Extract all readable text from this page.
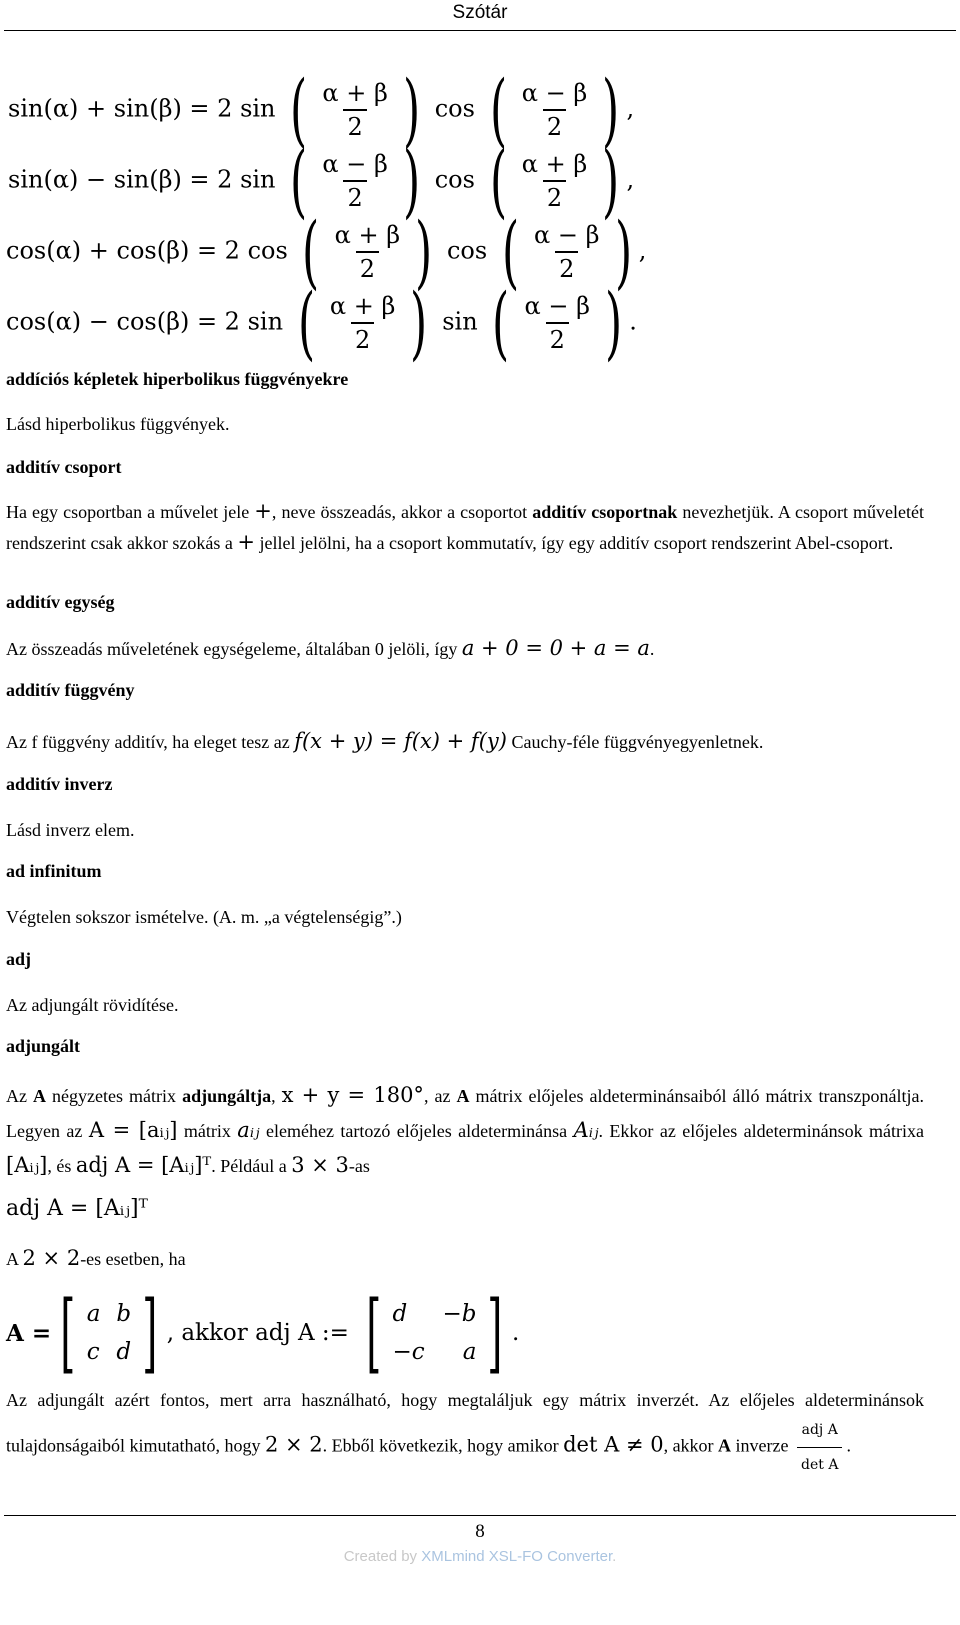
Szótár
sin(α) + sin(β) = 2 sin ( $\frac{\alpha + \beta}{2}$ ) cos ( $\frac{\alpha - \beta}{2}$ ) ,
sin(α) − sin(β) = 2 sin ( $\frac{\alpha - \beta}{2}$ ) cos ( $\frac{\alpha + \beta}{2}$ ) ,
cos(α) + cos(β) = 2 cos ( $\frac{\alpha + \beta}{2}$ ) cos ( $\frac{\alpha - \beta}{2}$ ) ,
cos(α) − cos(β) = 2 sin ( $\frac{\alpha + \beta}{2}$ ) sin ( $\frac{\alpha - \beta}{2}$ ) .
addíciós képletek hiperbolikus függvényekre
Lásd hiperbolikus függvények.
additív csoport
Ha egy csoportban a művelet jele +, neve összeadás, akkor a csoportot additív csoportnak nevezhetjük. A csoport műveletét rendszerint csak akkor szokás a + jellel jelölni, ha a csoport kommutatív, így egy additív csoport rendszerint Abel-csoport.
additív egység
Az összeadás műveletének egységeleme, általában 0 jelöli, így a + 0 = 0 + a = a.
additív függvény
Az f függvény additív, ha eleget tesz az f(x + y) = f(x) + f(y) Cauchy-féle függvényegyenletnek.
additív inverz
Lásd inverz elem.
ad infinitum
Végtelen sokszor ismételve. (A. m. „a végtelenségig”.)
adj
Az adjungált rövidítése.
adjungált
Az A négyzetes mátrix adjungáltja, x + y = 180°, az A mátrix előjeles aldeterminánsaiból álló mátrix transzponáltja. Legyen az A = [aᵢⱼ] mátrix aᵢⱼ eleméhez tartozó előjeles aldeterminánsa Aᵢⱼ. Ekkor az előjeles aldeterminánsok mátrixa [Aᵢⱼ], és adj A = [Aᵢⱼ]ᵀ. Például a 3 × 3-as
adj A = [Aᵢⱼ]ᵀ
A 2 × 2-es esetben, ha
A = [ a b
c d ] , akkor adj A := [ d −b
−c a ] .
Az adjungált azért fontos, mert arra használható, hogy megtaláljuk egy mátrix inverzét. Az előjeles aldeterminánsok tulajdonságaiból kimutatható, hogy 2 × 2. Ebből következik, hogy amikor det A ≠ 0, akkor A inverze $\frac{\text{adj A}}{\text{det A}}$ .
8
Created by XMLmind XSL-FO Converter.
